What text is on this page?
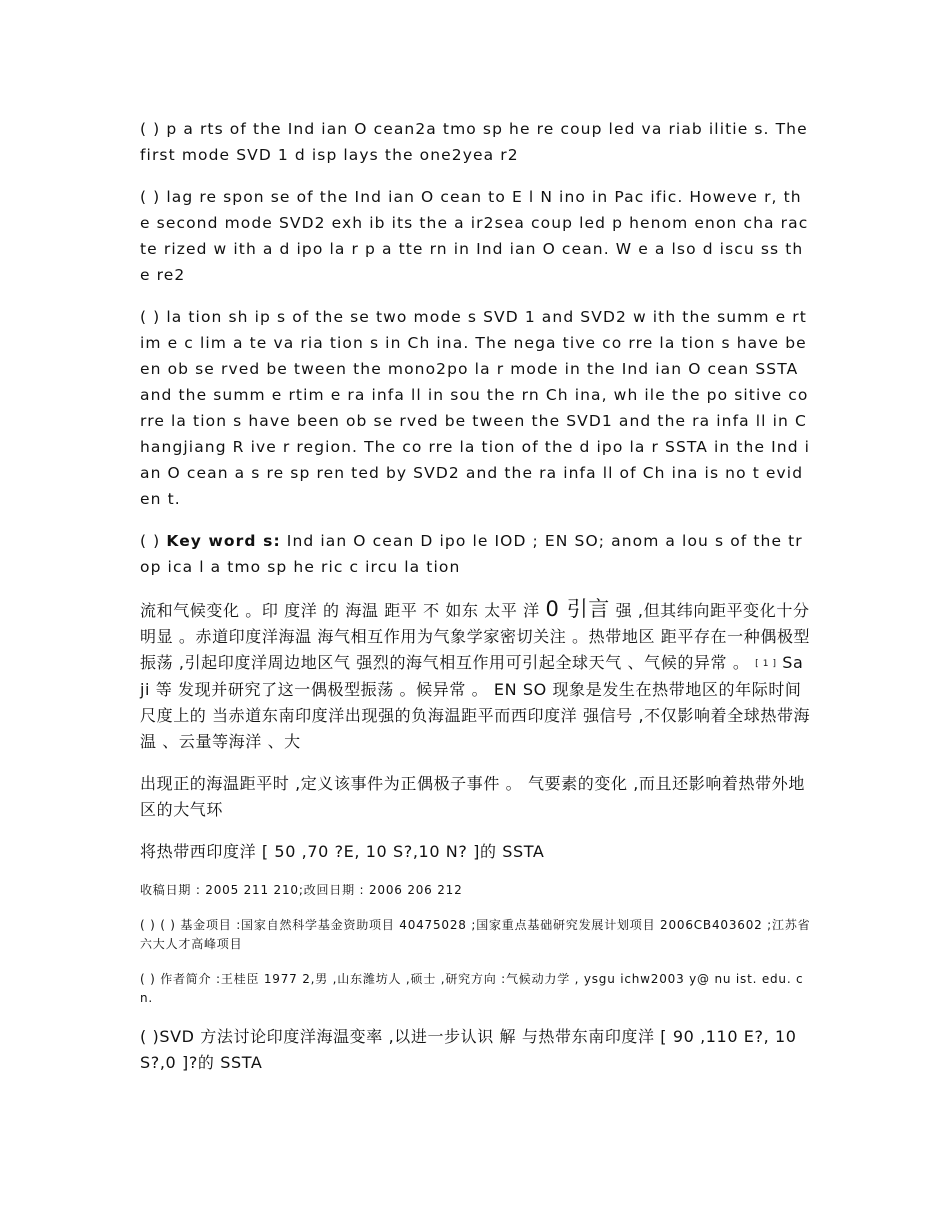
( ) p a rts of the Ind ian O cean2a tmo sp he re coup led va riab ilitie s. The first mode SVD 1 d isp lays the one2yea r2

( ) lag re spon se of the Ind ian O cean to E l N ino in Pac ific. Howeve r, the second mode SVD2 exh ib its the a ir2sea coup led p henom enon cha rac te rized w ith a d ipo la r p a tte rn in Ind ian O cean. W e a lso d iscu ss the re2

( ) la tion sh ip s of the se two mode s SVD 1 and SVD2 w ith the summ e rtim e c lim a te va ria tion s in Ch ina. The nega tive co rre la tion s have been ob se rved be tween the mono2po la r mode in the Ind ian O cean SSTA and the summ e rtim e ra infa ll in sou the rn Ch ina, wh ile the po sitive co rre la tion s have been ob se rved be tween the SVD1 and the ra infa ll in Changjiang R ive r region. The co rre la tion of the d ipo la r SSTA in the Ind ian O cean a s re sp ren ted by SVD2 and the ra infa ll of Ch ina is no t eviden t.

( ) Key word s: Ind ian O cean D ipo le IOD ; EN SO; anom a lou s of the trop ica l a tmo sp he ric c ircu la tion

流和气候变化 。印 度洋 的 海温 距平 不 如东 太平 洋 0 引言 强 ,但其纬向距平变化十分明显 。赤道印度洋海温 海气相互作用为气象学家密切关注 。热带地区 距平存在一种偶极型振荡 ,引起印度洋周边地区气 强烈的海气相互作用可引起全球天气 、气候的异常 。 [ 1 ] Sa ji 等 发现并研究了这一偶极型振荡 。候异常 。 EN SO 现象是发生在热带地区的年际时间尺度上的 当赤道东南印度洋出现强的负海温距平而西印度洋 强信号 ,不仅影响着全球热带海温 、云量等海洋 、大

出现正的海温距平时 ,定义该事件为正偶极子事件 。 气要素的变化 ,而且还影响着热带外地区的大气环

将热带西印度洋 [ 50 ,70 ?E, 10 S?,10 N? ]的 SSTA

收稿日期 : 2005 211 210;改回日期 : 2006 206 212

( ) ( ) 基金项目 :国家自然科学基金资助项目 40475028 ;国家重点基础研究发展计划项目 2006CB403602 ;江苏省六大人才高峰项目

( ) 作者简介 :王桂臣 1977 2,男 ,山东潍坊人 ,硕士 ,研究方向 :气候动力学 , ysgu ichw2003 y@ nu ist. edu. cn.

( )SVD 方法讨论印度洋海温变率 ,以进一步认识 解 与热带东南印度洋 [ 90 ,110 E?, 10 S?,0 ]?的 SSTA
